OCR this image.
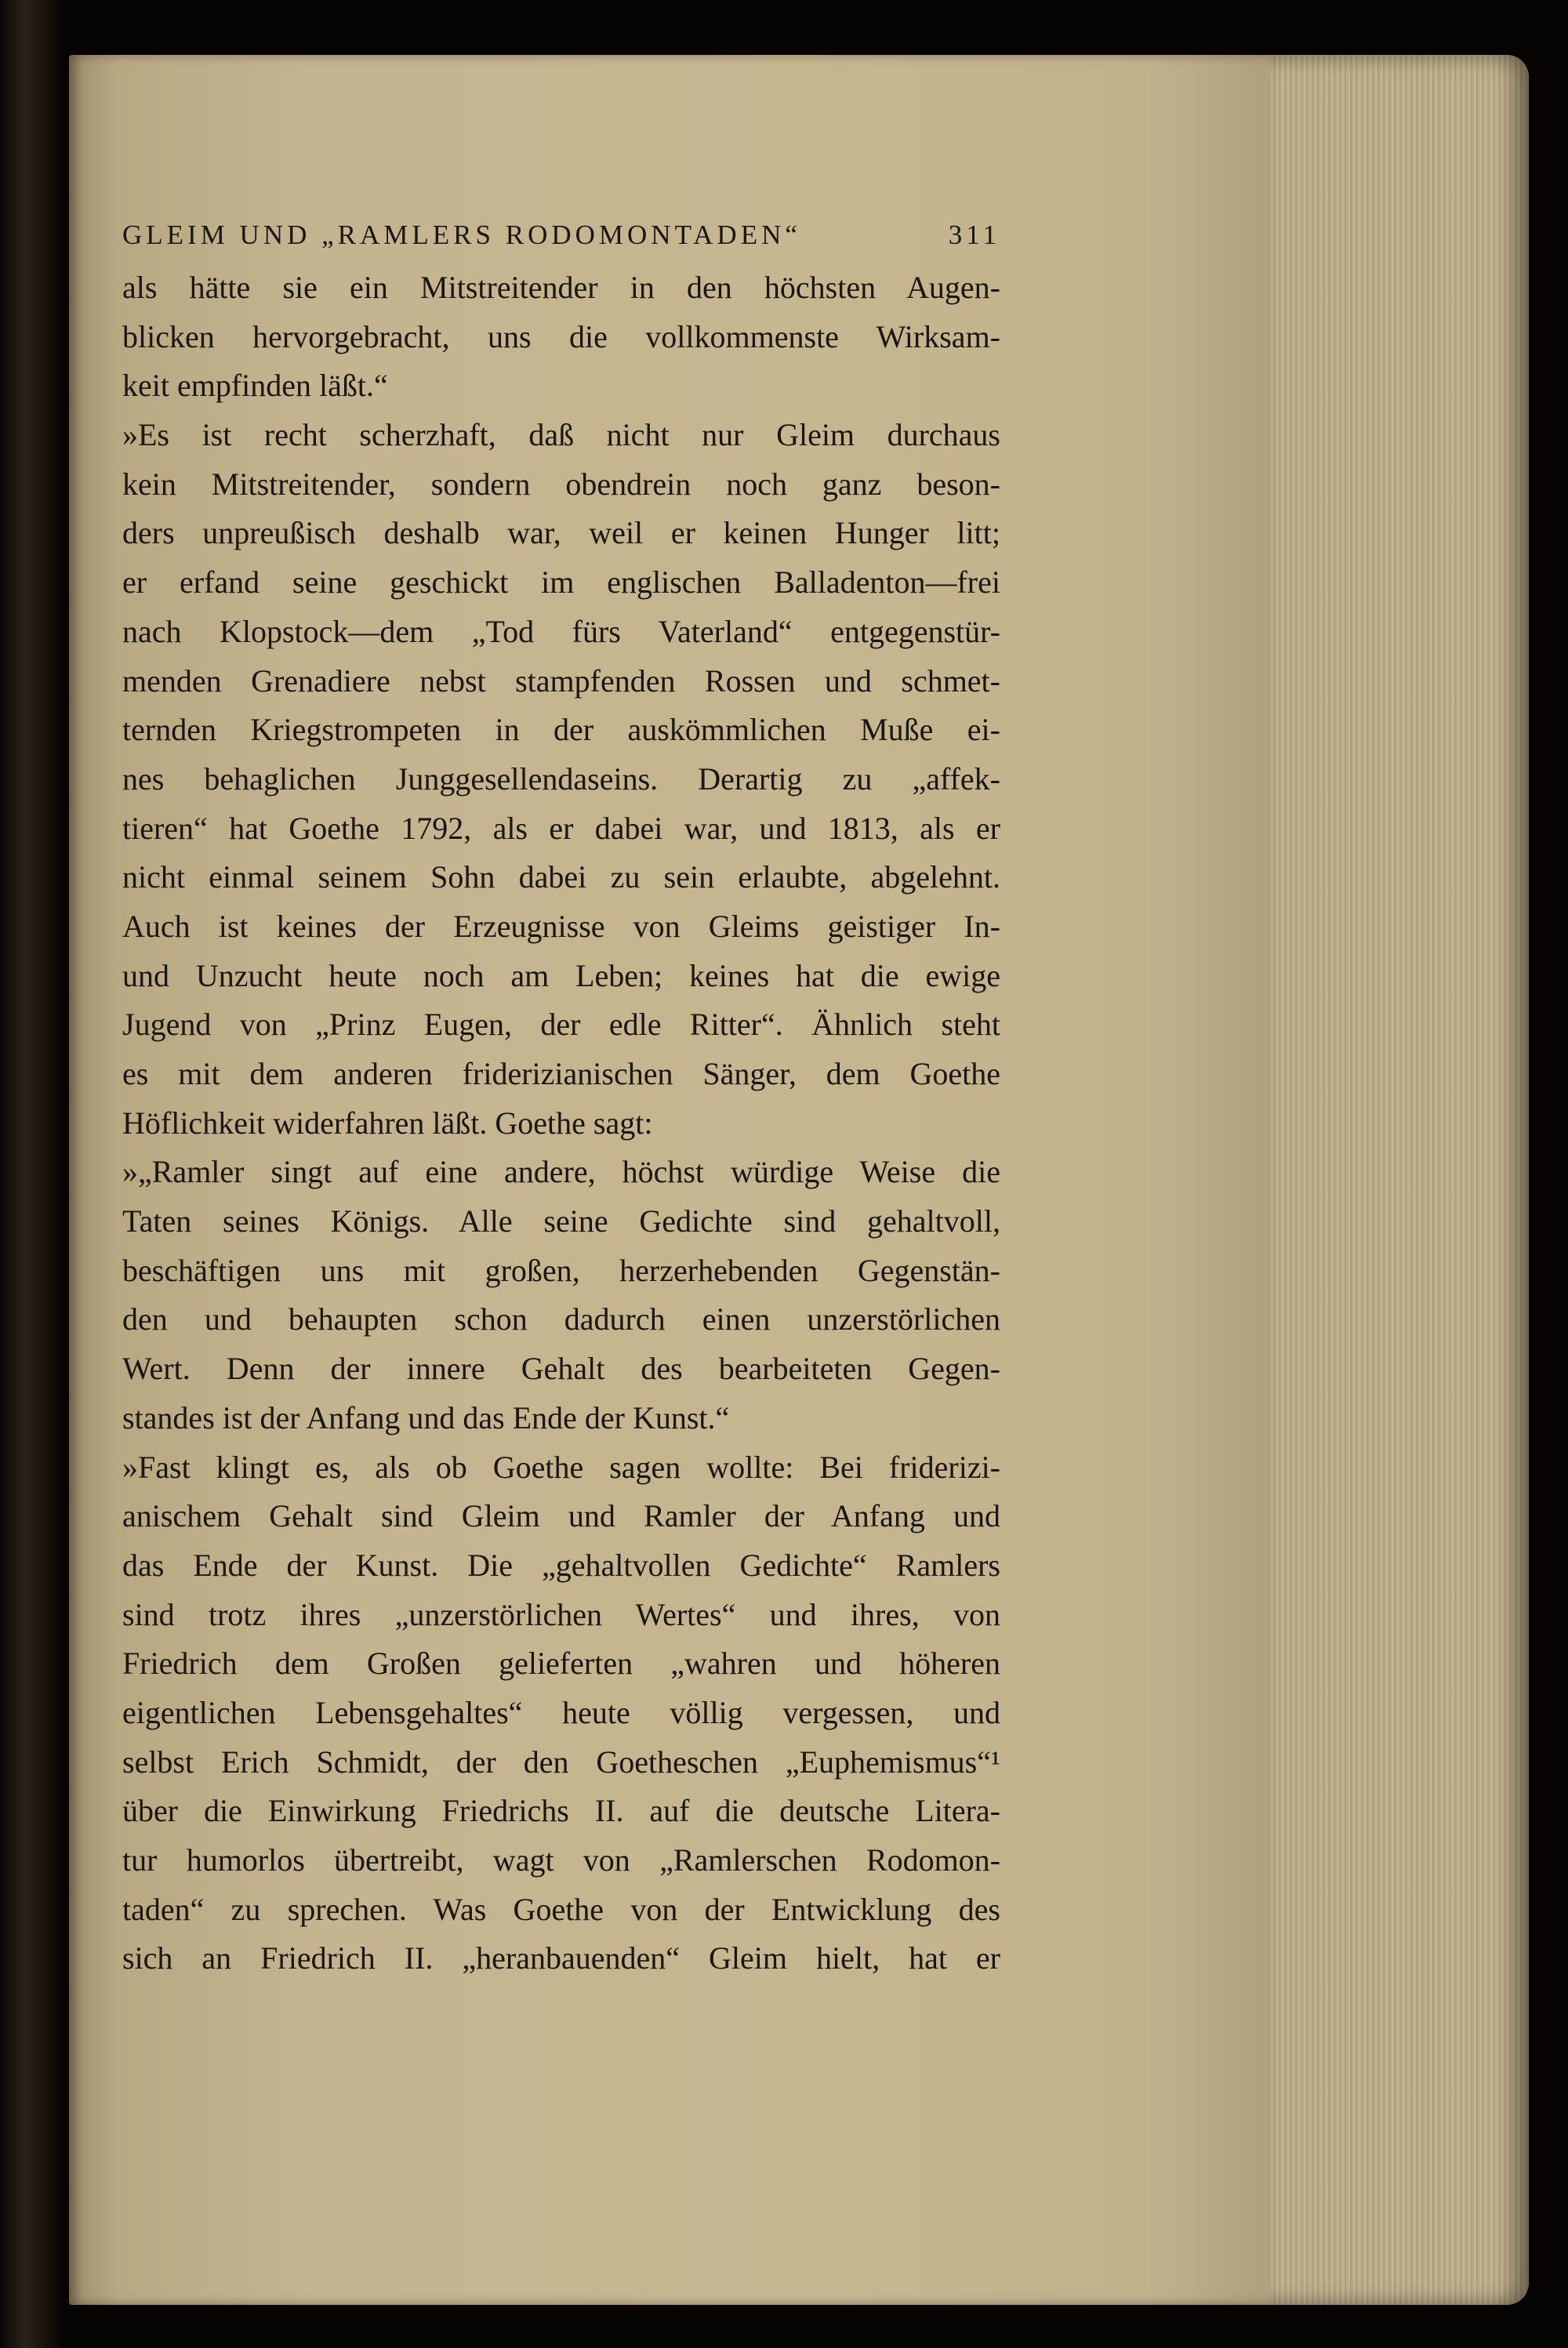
GLEIM UND „RAMLERS RODOMONTADEN“	311
als hätte sie ein Mitstreitender in den höchsten Augen-
blicken hervorgebracht, uns die vollkommenste Wirksam-
keit empfinden läßt.“
»Es ist recht scherzhaft, daß nicht nur Gleim durchaus
kein Mitstreitender, sondern obendrein noch ganz beson-
ders unpreußisch deshalb war, weil er keinen Hunger litt;
er erfand seine geschickt im englischen Balladenton—frei
nach Klopstock—dem „Tod fürs Vaterland“ entgegenstür-
menden Grenadiere nebst stampfenden Rossen und schmet-
ternden Kriegstrompeten in der auskömmlichen Muße ei-
nes behaglichen Junggesellendaseins. Derartig zu „affek-
tieren“ hat Goethe 1792, als er dabei war, und 1813, als er
nicht einmal seinem Sohn dabei zu sein erlaubte, abgelehnt.
Auch ist keines der Erzeugnisse von Gleims geistiger In-
und Unzucht heute noch am Leben; keines hat die ewige
Jugend von „Prinz Eugen, der edle Ritter“. Ähnlich steht
es mit dem anderen friderizianischen Sänger, dem Goethe
Höflichkeit widerfahren läßt. Goethe sagt:
»„Ramler singt auf eine andere, höchst würdige Weise die
Taten seines Königs. Alle seine Gedichte sind gehaltvoll,
beschäftigen uns mit großen, herzerhebenden Gegenstän-
den und behaupten schon dadurch einen unzerstörlichen
Wert. Denn der innere Gehalt des bearbeiteten Gegen-
standes ist der Anfang und das Ende der Kunst.“
»Fast klingt es, als ob Goethe sagen wollte: Bei friderizi-
anischem Gehalt sind Gleim und Ramler der Anfang und
das Ende der Kunst. Die „gehaltvollen Gedichte“ Ramlers
sind trotz ihres „unzerstörlichen Wertes“ und ihres, von
Friedrich dem Großen gelieferten „wahren und höheren
eigentlichen Lebensgehaltes“ heute völlig vergessen, und
selbst Erich Schmidt, der den Goetheschen „Euphemismus“¹
über die Einwirkung Friedrichs II. auf die deutsche Litera-
tur humorlos übertreibt, wagt von „Ramlerschen Rodomon-
taden“ zu sprechen. Was Goethe von der Entwicklung des
sich an Friedrich II. „heranbauenden“ Gleim hielt, hat er
